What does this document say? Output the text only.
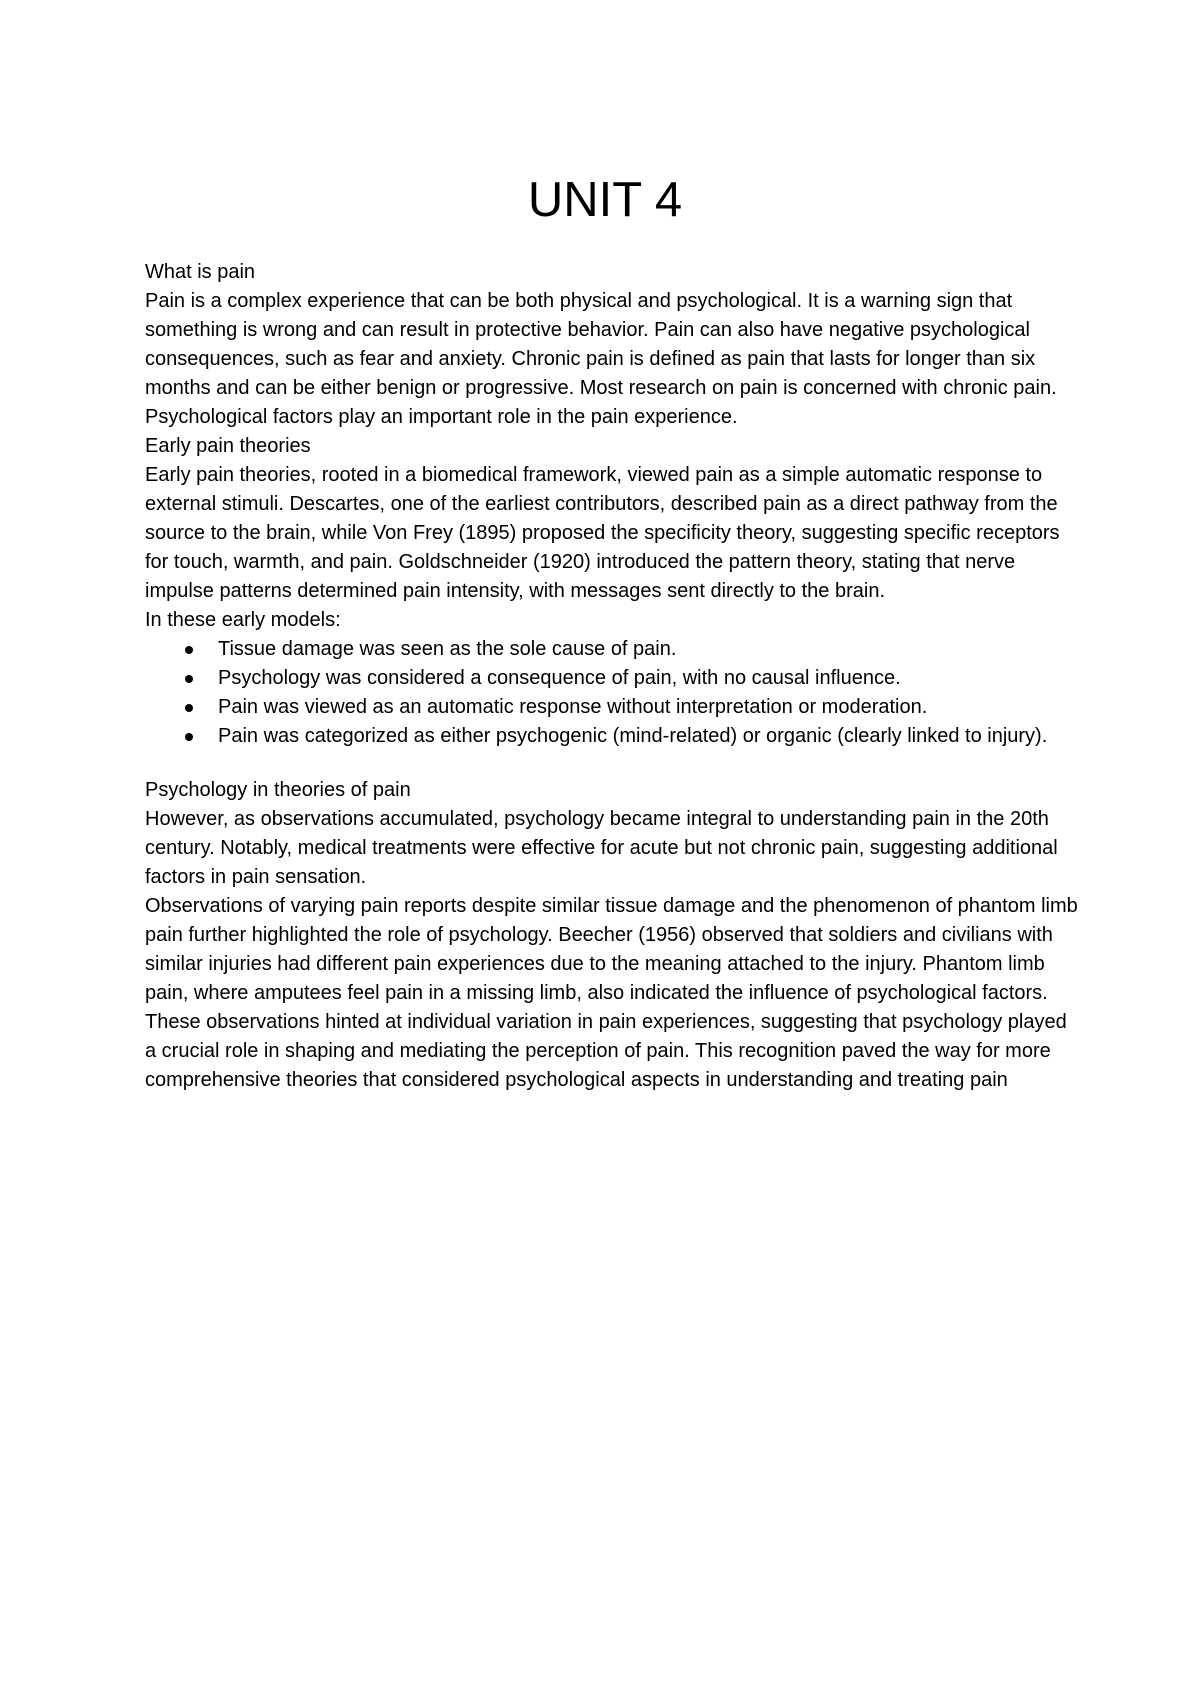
UNIT 4

What is pain

Pain is a complex experience that can be both physical and psychological. It is a warning sign that something is wrong and can result in protective behavior. Pain can also have negative psychological consequences, such as fear and anxiety. Chronic pain is defined as pain that lasts for longer than six months and can be either benign or progressive. Most research on pain is concerned with chronic pain. Psychological factors play an important role in the pain experience.

Early pain theories

Early pain theories, rooted in a biomedical framework, viewed pain as a simple automatic response to external stimuli. Descartes, one of the earliest contributors, described pain as a direct pathway from the source to the brain, while Von Frey (1895) proposed the specificity theory, suggesting specific receptors for touch, warmth, and pain. Goldschneider (1920) introduced the pattern theory, stating that nerve impulse patterns determined pain intensity, with messages sent directly to the brain.

In these early models:

Tissue damage was seen as the sole cause of pain.
Psychology was considered a consequence of pain, with no causal influence.
Pain was viewed as an automatic response without interpretation or moderation.
Pain was categorized as either psychogenic (mind-related) or organic (clearly linked to injury).

Psychology in theories of pain

However, as observations accumulated, psychology became integral to understanding pain in the 20th century. Notably, medical treatments were effective for acute but not chronic pain, suggesting additional factors in pain sensation.

Observations of varying pain reports despite similar tissue damage and the phenomenon of phantom limb pain further highlighted the role of psychology. Beecher (1956) observed that soldiers and civilians with similar injuries had different pain experiences due to the meaning attached to the injury. Phantom limb pain, where amputees feel pain in a missing limb, also indicated the influence of psychological factors.

These observations hinted at individual variation in pain experiences, suggesting that psychology played a crucial role in shaping and mediating the perception of pain. This recognition paved the way for more comprehensive theories that considered psychological aspects in understanding and treating pain
